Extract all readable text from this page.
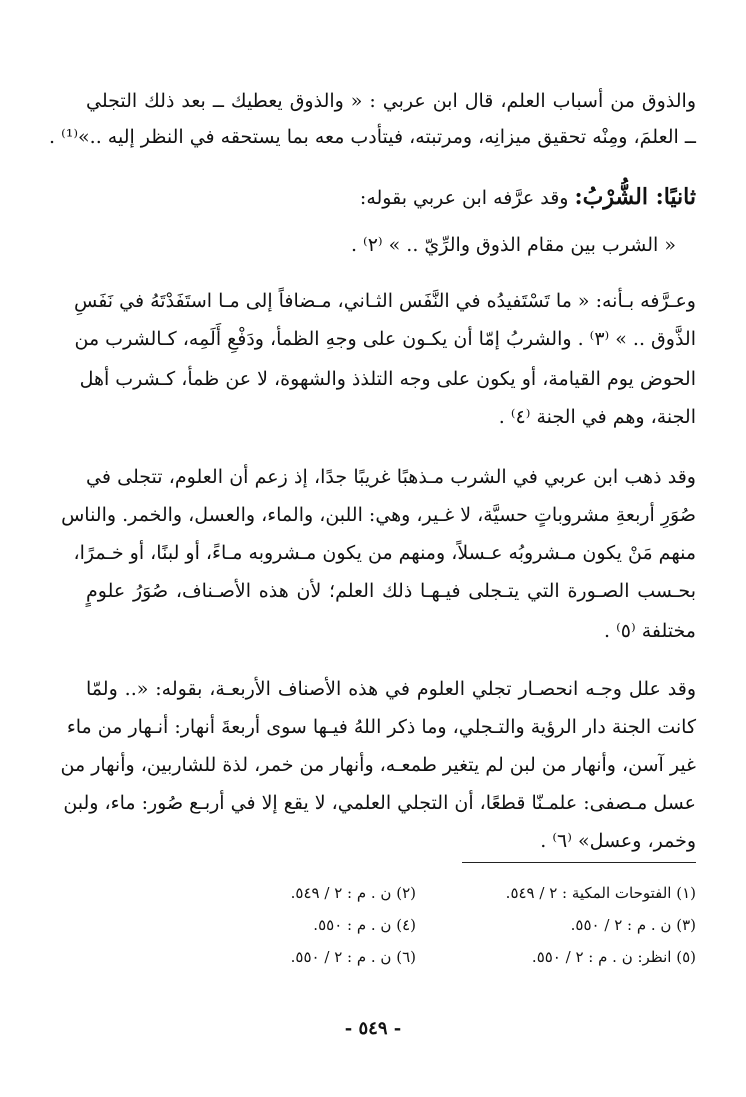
والذوق من أسباب العلم، قال ابن عربي : « والذوق يعطيك ــ بعد ذلك التجلي
ــ العلمَ، ومِنْه تحقيق ميزانِه، ومرتبته، فيتأدب معه بما يستحقه في النظر إليه ..»⁽¹⁾ .
ثانيًا: الشُّرْبُ: وقد عرَّفه ابن عربي بقوله:
« الشرب بين مقام الذوق والرِّيّ .. » ⁽٢⁾ .
وعـرَّفه بـأنه: « ما تَسْتَفيدُه في النَّفَس الثـاني، مـضافاً إلى مـا استَفَدْتَهُ في نَفَسِ
الذَّوق .. » ⁽٣⁾ . والشربُ إمّا أن يكـون على وجهِ الظمأ، ودَفْعِ أَلَمِه، كـالشرب من
الحوض يوم القيامة، أو يكون على وجه التلذذ والشهوة، لا عن ظمأ، كـشرب أهل
الجنة، وهم في الجنة ⁽٤⁾ .
وقد ذهب ابن عربي في الشرب مـذهبًا غريبًا جدًا، إذ زعم أن العلوم، تتجلى في
صُوَرِ أربعةِ مشروباتٍ حسيَّة، لا غـير، وهي: اللبن، والماء، والعسل، والخمر. والناس
منهم مَنْ يكون مـشروبُه عـسلاً، ومنهم من يكون مـشروبه مـاءً، أو لبنًا، أو خـمرًا،
بحـسب الصـورة التي يتـجلى فيـهـا ذلك العلم؛ لأن هذه الأصـناف، صُوَرُ علومٍ
مختلفة ⁽٥⁾ .
وقد علل وجـه انحصـار تجلي العلوم في هذه الأصناف الأربعـة، بقوله: «.. ولمّا
كانت الجنة دار الرؤية والتـجلي، وما ذكر اللهُ فيـها سوى أربعةَ أنهار: أنـهار من ماء
غير آسن، وأنهار من لبن لم يتغير طمعـه، وأنهار من خمر، لذة للشاربين، وأنهار من
عسل مـصفى: علمـنّا قطعًا، أن التجلي العلمي، لا يقع إلا في أربـع صُور: ماء، ولبن
وخمر، وعسل» ⁽٦⁾ .
(١) الفتوحات المكية : ٢ / ٥٤٩.
(٢) ن . م : ٢ / ٥٤٩.
(٣) ن . م : ٢ / ٥٥٠.
(٤) ن . م : ٥٥٠.
(٥) انظر: ن . م : ٢ / ٥٥٠.
(٦) ن . م : ٢ / ٥٥٠.
- ٥٤٩ -
